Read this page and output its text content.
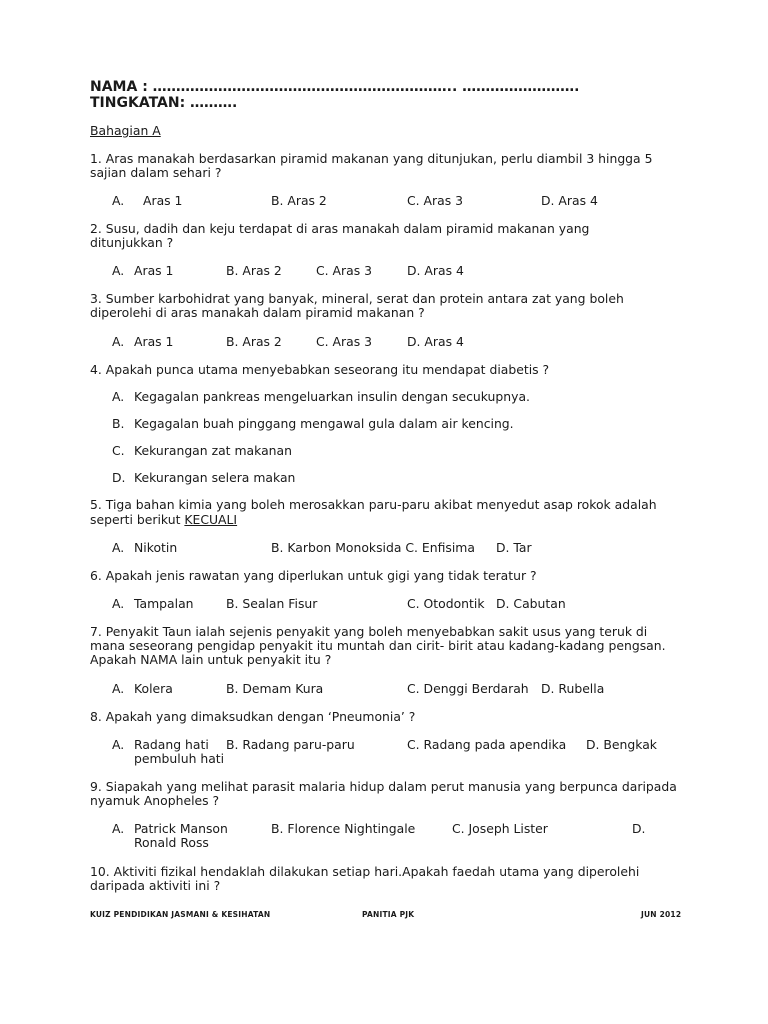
NAMA : ……………………………………………………….. …………………….
TINGKATAN: ……….
Bahagian A
1. Aras manakah berdasarkan piramid makanan yang ditunjukan, perlu diambil 3 hingga 5
sajian dalam sehari ?
A. Aras 1	B. Aras 2	C. Aras 3	D. Aras 4
2. Susu, dadih dan keju terdapat di aras manakah dalam piramid makanan yang
ditunjukkan ?
A. Aras 1	B. Aras 2	C. Aras 3	D. Aras 4
3. Sumber karbohidrat yang banyak, mineral, serat dan protein antara zat yang boleh
diperolehi di aras manakah dalam piramid makanan ?
A. Aras 1	B. Aras 2	C. Aras 3	D. Aras 4
4. Apakah punca utama menyebabkan seseorang itu mendapat diabetis ?
A. Kegagalan pankreas mengeluarkan insulin dengan secukupnya.
B. Kegagalan buah pinggang mengawal gula dalam air kencing.
C. Kekurangan zat makanan
D. Kekurangan selera makan
5. Tiga bahan kimia yang boleh merosakkan paru-paru akibat menyedut asap rokok adalah
seperti berikut KECUALI
A. Nikotin	B. Karbon Monoksida C. Enfisima D. Tar
6. Apakah jenis rawatan yang diperlukan untuk gigi yang tidak teratur ?
A. Tampalan	B. Sealan Fisur	C. Otodontik D. Cabutan
7. Penyakit Taun ialah sejenis penyakit yang boleh menyebabkan sakit usus yang teruk di
mana seseorang pengidap penyakit itu muntah dan cirit- birit atau kadang-kadang pengsan.
Apakah NAMA lain untuk penyakit itu ?
A. Kolera	B. Demam Kura	C. Denggi Berdarah D. Rubella
8. Apakah yang dimaksudkan dengan ‘Pneumonia’ ?
A. Radang hati B. Radang paru-paru	C. Radang pada apendika D. Bengkak
pembuluh hati
9. Siapakah yang melihat parasit malaria hidup dalam perut manusia yang berpunca daripada
nyamuk Anopheles ?
A. Patrick Manson	B. Florence Nightingale	C. Joseph Lister	D.
Ronald Ross
10. Aktiviti fizikal hendaklah dilakukan setiap hari.Apakah faedah utama yang diperolehi
daripada aktiviti ini ?
KUIZ PENDIDIKAN JASMANI & KESIHATAN	PANITIA PJK	JUN 2012
